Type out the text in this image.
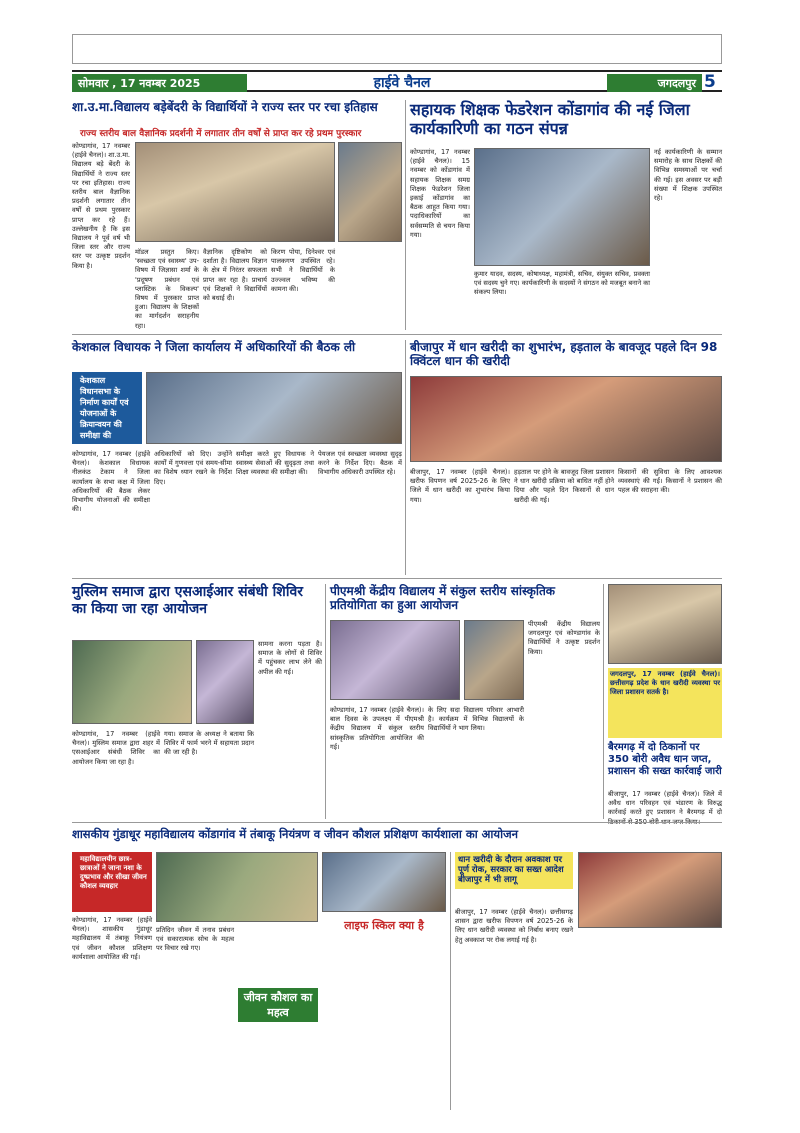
सोमवार , 17 नवम्बर 2025	हाईवे चैनल	जगदलपुर 5
शा.उ.मा.विद्यालय बड़ेबेंदरी के विद्यार्थियों ने राज्य स्तर पर रचा इतिहास
राज्य स्तरीय बाल वैज्ञानिक प्रदर्शनी में लगातार तीन वर्षों से प्राप्त कर रहे प्रथम पुरस्कार
कोण्डागांव, 17 नवम्बर (हाईवे चैनल)। शा.उ.मा. विद्यालय बड़े बेंदरी के विद्यार्थियों ने राज्य स्तर पर रचा इतिहास। राज्य स्तरीय बाल वैज्ञानिक प्रदर्शनी लगातार तीन वर्षों से प्रथम पुरस्कार प्राप्त कर रहे हैं। उल्लेखनीय है कि इस विद्यालय ने पूर्व वर्ष भी जिला स्तर और राज्य स्तर पर उत्कृष्ट प्रदर्शन किया है।
मॉडल प्रस्तुत किए। 'स्वच्छता एवं स्वास्थ्य' उप-विषय में जिज्ञासा शर्मा के 'प्रदूषण प्रबंधन एवं प्लास्टिक के विकल्प' विषय में पुरस्कार प्राप्त हुआ। विद्यालय के शिक्षकों का मार्गदर्शन सराहनीय रहा।
वैज्ञानिक दृष्टिकोण को दर्शाता है। विद्यालय विज्ञान के क्षेत्र में निरंतर सफलता प्राप्त कर रहा है। प्राचार्य एवं शिक्षकों ने विद्यार्थियों को बधाई दी।
किरण पोया, दिनेश्वर एवं पालकगण उपस्थित रहे। सभी ने विद्यार्थियों के उज्ज्वल भविष्य की कामना की।
सहायक शिक्षक फेडरेशन कोंडागांव की नई जिला कार्यकारिणी का गठन संपन्न
कोण्डागांव, 17 नवम्बर (हाईवे चैनल)। 15 नवम्बर को कोंडागांव में सहायक शिक्षक समग्र शिक्षक फेडरेशन जिला इकाई कोंडागांव का बैठक आहूत किया गया। पदाधिकारियों का सर्वसम्मति से चयन किया गया।
कुमार यादव, सदस्य, कोषाध्यक्ष, महामंत्री, सचिव, संयुक्त सचिव, प्रवक्ता एवं सदस्य चुने गए। कार्यकारिणी के सदस्यों ने संगठन को मजबूत बनाने का संकल्प लिया।
नई कार्यकारिणी के सम्मान समारोह के साथ शिक्षकों की विभिन्न समस्याओं पर चर्चा की गई। इस अवसर पर बड़ी संख्या में शिक्षक उपस्थित रहे।
केशकाल विधायक ने जिला कार्यालय में अधिकारियों की बैठक ली
केशकाल विधानसभा के निर्माण कार्यों एवं योजनाओं के क्रियान्वयन की समीक्षा की
कोण्डागांव, 17 नवम्बर (हाईवे चैनल)। केशकाल विधायक नीलकंठ टेकाम ने जिला कार्यालय के सभा कक्ष में जिला अधिकारियों की बैठक लेकर विभागीय योजनाओं की समीक्षा की।
अधिकारियों को दिए। उन्होंने कार्यों में गुणवत्ता एवं समय-सीमा का विशेष ध्यान रखने के निर्देश दिए।
समीक्षा करते हुए विधायक ने स्वास्थ्य सेवाओं की सुदृढ़ता तथा शिक्षा व्यवस्था की समीक्षा की।
पेयजल एवं स्वच्छता व्यवस्था सुदृढ़ करने के निर्देश दिए। बैठक में विभागीय अधिकारी उपस्थित रहे।
बीजापुर में धान खरीदी का शुभारंभ, हड़ताल के बावजूद पहले दिन 98 क्विंटल धान की खरीदी
बीजापुर, 17 नवम्बर (हाईवे चैनल)। खरीफ विपणन वर्ष 2025-26 के लिए जिले में धान खरीदी का शुभारंभ किया गया।
हड़ताल पर होने के बावजूद जिला प्रशासन ने धान खरीदी प्रक्रिया को बाधित नहीं होने दिया और पहले दिन किसानों से धान खरीदी की गई।
किसानों की सुविधा के लिए आवश्यक व्यवस्थाएं की गईं। किसानों ने प्रशासन की पहल की सराहना की।
मुस्लिम समाज द्वारा एसआईआर संबंधी शिविर का किया जा रहा आयोजन
सामना करना पड़ता है। समाज के लोगों से शिविर में पहुंचकर लाभ लेने की अपील की गई।
कोण्डागांव, 17 नवम्बर (हाईवे चैनल)। मुस्लिम समाज द्वारा शहर में एसआईआर संबंधी शिविर का आयोजन किया जा रहा है।
गया। समाज के अध्यक्ष ने बताया कि शिविर में फार्म भरने में सहायता प्रदान की जा रही है।
पीएमश्री केंद्रीय विद्यालय में संकुल स्तरीय सांस्कृतिक प्रतियोगिता का हुआ आयोजन
पीएमश्री केंद्रीय विद्यालय जगदलपुर एवं कोण्डागांव के विद्यार्थियों ने उत्कृष्ट प्रदर्शन किया।
कोण्डागांव, 17 नवम्बर (हाईवे चैनल)। बाल दिवस के उपलक्ष्य में पीएमश्री केंद्रीय विद्यालय में संकुल स्तरीय सांस्कृतिक प्रतियोगिता आयोजित की गई।
के लिए सदा विद्यालय परिवार आभारी है। कार्यक्रम में विभिन्न विद्यालयों के विद्यार्थियों ने भाग लिया।
जगदलपुर, 17 नवम्बर (हाईवे चैनल)। छत्तीसगढ़ प्रदेश के धान खरीदी व्यवस्था पर जिला प्रशासन सतर्क है।
बैरमगढ़ में दो ठिकानों पर 350 बोरी अवैध धान जप्त, प्रशासन की सख्त कार्रवाई जारी
बीजापुर, 17 नवम्बर (हाईवे चैनल)। जिले में अवैध धान परिवहन एवं भंडारण के विरुद्ध कार्रवाई करते हुए प्रशासन ने बैरमगढ़ में दो
शासकीय गुंडाधूर महाविद्यालय कोंडागांव में तंबाकू नियंत्रण व जीवन कौशल प्रशिक्षण कार्यशाला का आयोजन
महाविद्यालयीन छात्र-छात्राओं ने जाना नशा के दुष्प्रभाव और सीखा जीवन कौशल व्यवहार
कोण्डागांव, 17 नवम्बर (हाईवे चैनल)। शासकीय गुंडाधूर महाविद्यालय में तंबाकू नियंत्रण एवं जीवन कौशल प्रशिक्षण कार्यशाला आयोजित की गई।
प्रतिदिन जीवन में तनाव प्रबंधन एवं सकारात्मक सोच के महत्व पर विचार रखे गए।
जीवन कौशल का महत्व
लाइफ स्किल क्या है
धान खरीदी के दौरान अवकाश पर पूर्ण रोक, सरकार का सख्त आदेश बीजापुर में भी लागू
बीजापुर, 17 नवम्बर (हाईवे चैनल)। छत्तीसगढ़ शासन द्वारा खरीफ विपणन वर्ष 2025-26 के लिए धान खरीदी व्यवस्था को निर्बाध बनाए रखने हेतु अवकाश पर रोक लगाई गई है।
